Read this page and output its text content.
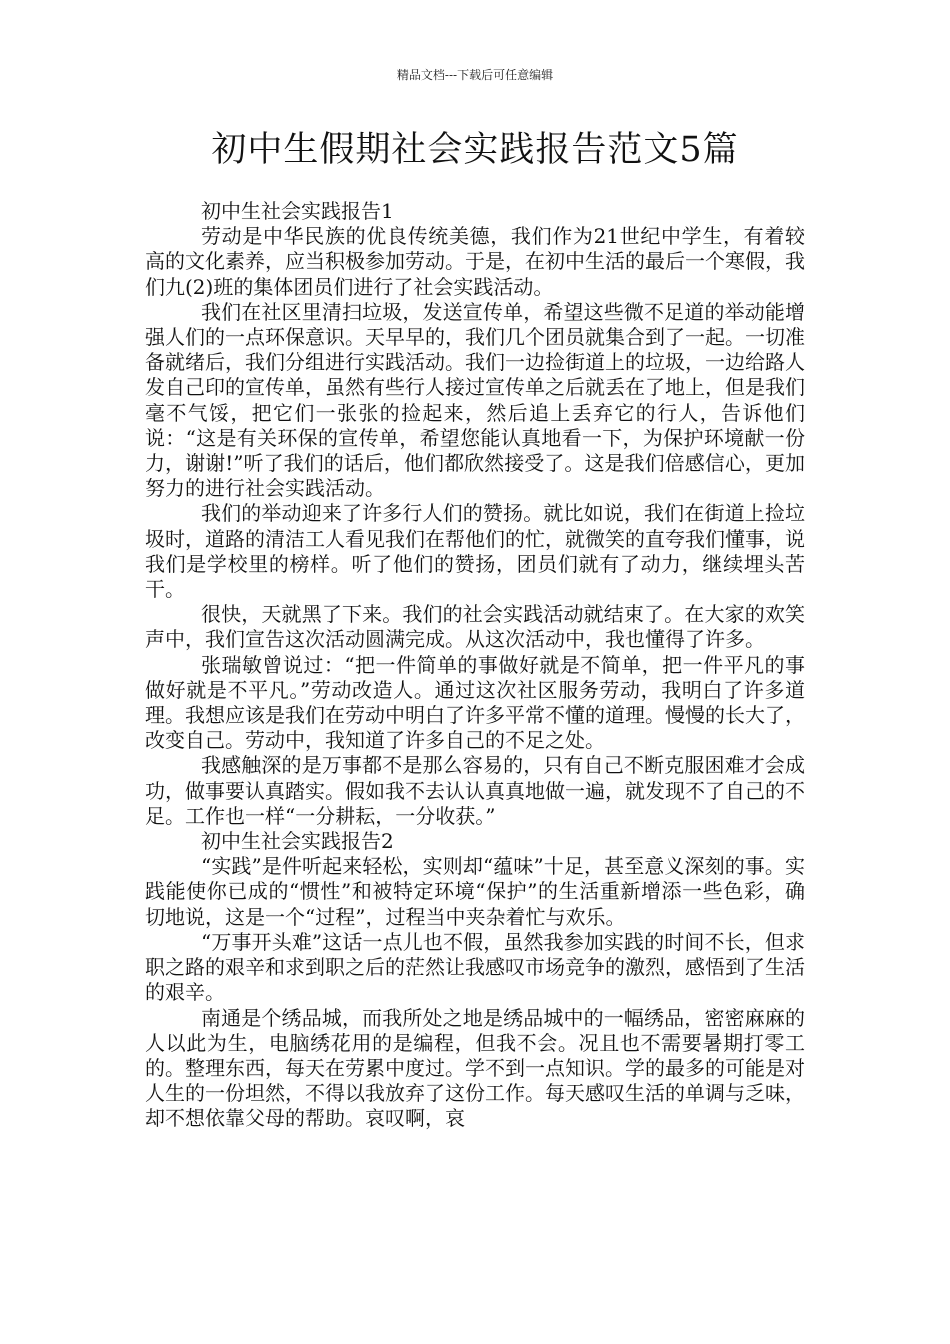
精品文档---下载后可任意编辑
初中生假期社会实践报告范文5篇

初中生社会实践报告1

劳动是中华民族的优良传统美德，我们作为21世纪中学生，有着较高的文化素养，应当积极参加劳动。于是，在初中生活的最后一个寒假，我们九(2)班的集体团员们进行了社会实践活动。

我们在社区里清扫垃圾，发送宣传单，希望这些微不足道的举动能增强人们的一点环保意识。天早早的，我们几个团员就集合到了一起。一切准备就绪后，我们分组进行实践活动。我们一边捡街道上的垃圾，一边给路人发自己印的宣传单，虽然有些行人接过宣传单之后就丢在了地上，但是我们毫不气馁，把它们一张张的捡起来，然后追上丢弃它的行人，告诉他们说：“这是有关环保的宣传单，希望您能认真地看一下，为保护环境献一份力，谢谢!”听了我们的话后，他们都欣然接受了。这是我们倍感信心，更加努力的进行社会实践活动。

我们的举动迎来了许多行人们的赞扬。就比如说，我们在街道上捡垃圾时，道路的清洁工人看见我们在帮他们的忙，就微笑的直夸我们懂事，说我们是学校里的榜样。听了他们的赞扬，团员们就有了动力，继续埋头苦干。

很快，天就黑了下来。我们的社会实践活动就结束了。在大家的欢笑声中，我们宣告这次活动圆满完成。从这次活动中，我也懂得了许多。

张瑞敏曾说过：“把一件简单的事做好就是不简单，把一件平凡的事做好就是不平凡。”劳动改造人。通过这次社区服务劳动，我明白了许多道理。我想应该是我们在劳动中明白了许多平常不懂的道理。慢慢的长大了，改变自己。劳动中，我知道了许多自己的不足之处。

我感触深的是万事都不是那么容易的，只有自己不断克服困难才会成功，做事要认真踏实。假如我不去认认真真地做一遍，就发现不了自己的不足。工作也一样“一分耕耘，一分收获。”

初中生社会实践报告2

“实践”是件听起来轻松，实则却“蕴味”十足，甚至意义深刻的事。实践能使你已成的“惯性”和被特定环境“保护”的生活重新增添一些色彩，确切地说，这是一个“过程”，过程当中夹杂着忙与欢乐。

“万事开头难”这话一点儿也不假，虽然我参加实践的时间不长，但求职之路的艰辛和求到职之后的茫然让我感叹市场竞争的激烈，感悟到了生活的艰辛。

南通是个绣品城，而我所处之地是绣品城中的一幅绣品，密密麻麻的人以此为生，电脑绣花用的是编程，但我不会。况且也不需要暑期打零工的。整理东西，每天在劳累中度过。学不到一点知识。学的最多的可能是对人生的一份坦然，不得以我放弃了这份工作。每天感叹生活的单调与乏味，却不想依靠父母的帮助。哀叹啊，哀
